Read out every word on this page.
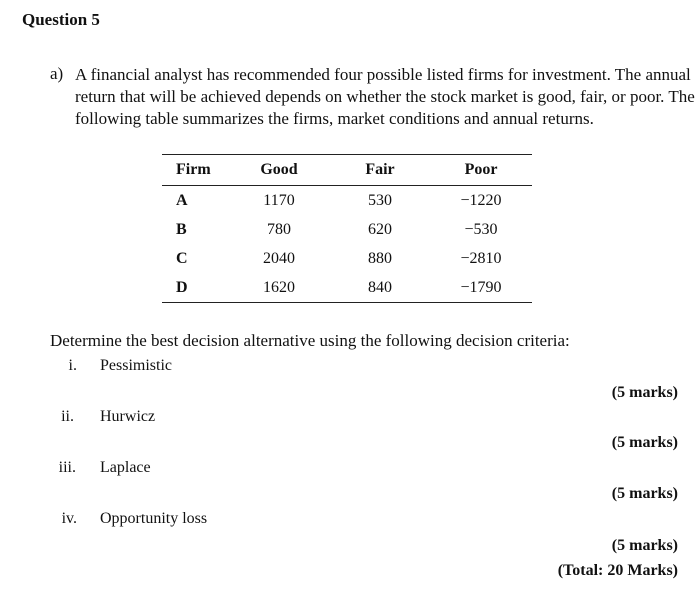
Question 5
a) A financial analyst has recommended four possible listed firms for investment. The annual
return that will be achieved depends on whether the stock market is good, fair, or poor. The
following table summarizes the firms, market conditions and annual returns.
Firm	Good	Fair	Poor
A	1170	530	−1220
B	780	620	−530
C	2040	880	−2810
D	1620	840	−1790
Determine the best decision alternative using the following decision criteria:
i. Pessimistic
(5 marks)
ii. Hurwicz
(5 marks)
iii. Laplace
(5 marks)
iv. Opportunity loss
(5 marks)
(Total: 20 Marks)
